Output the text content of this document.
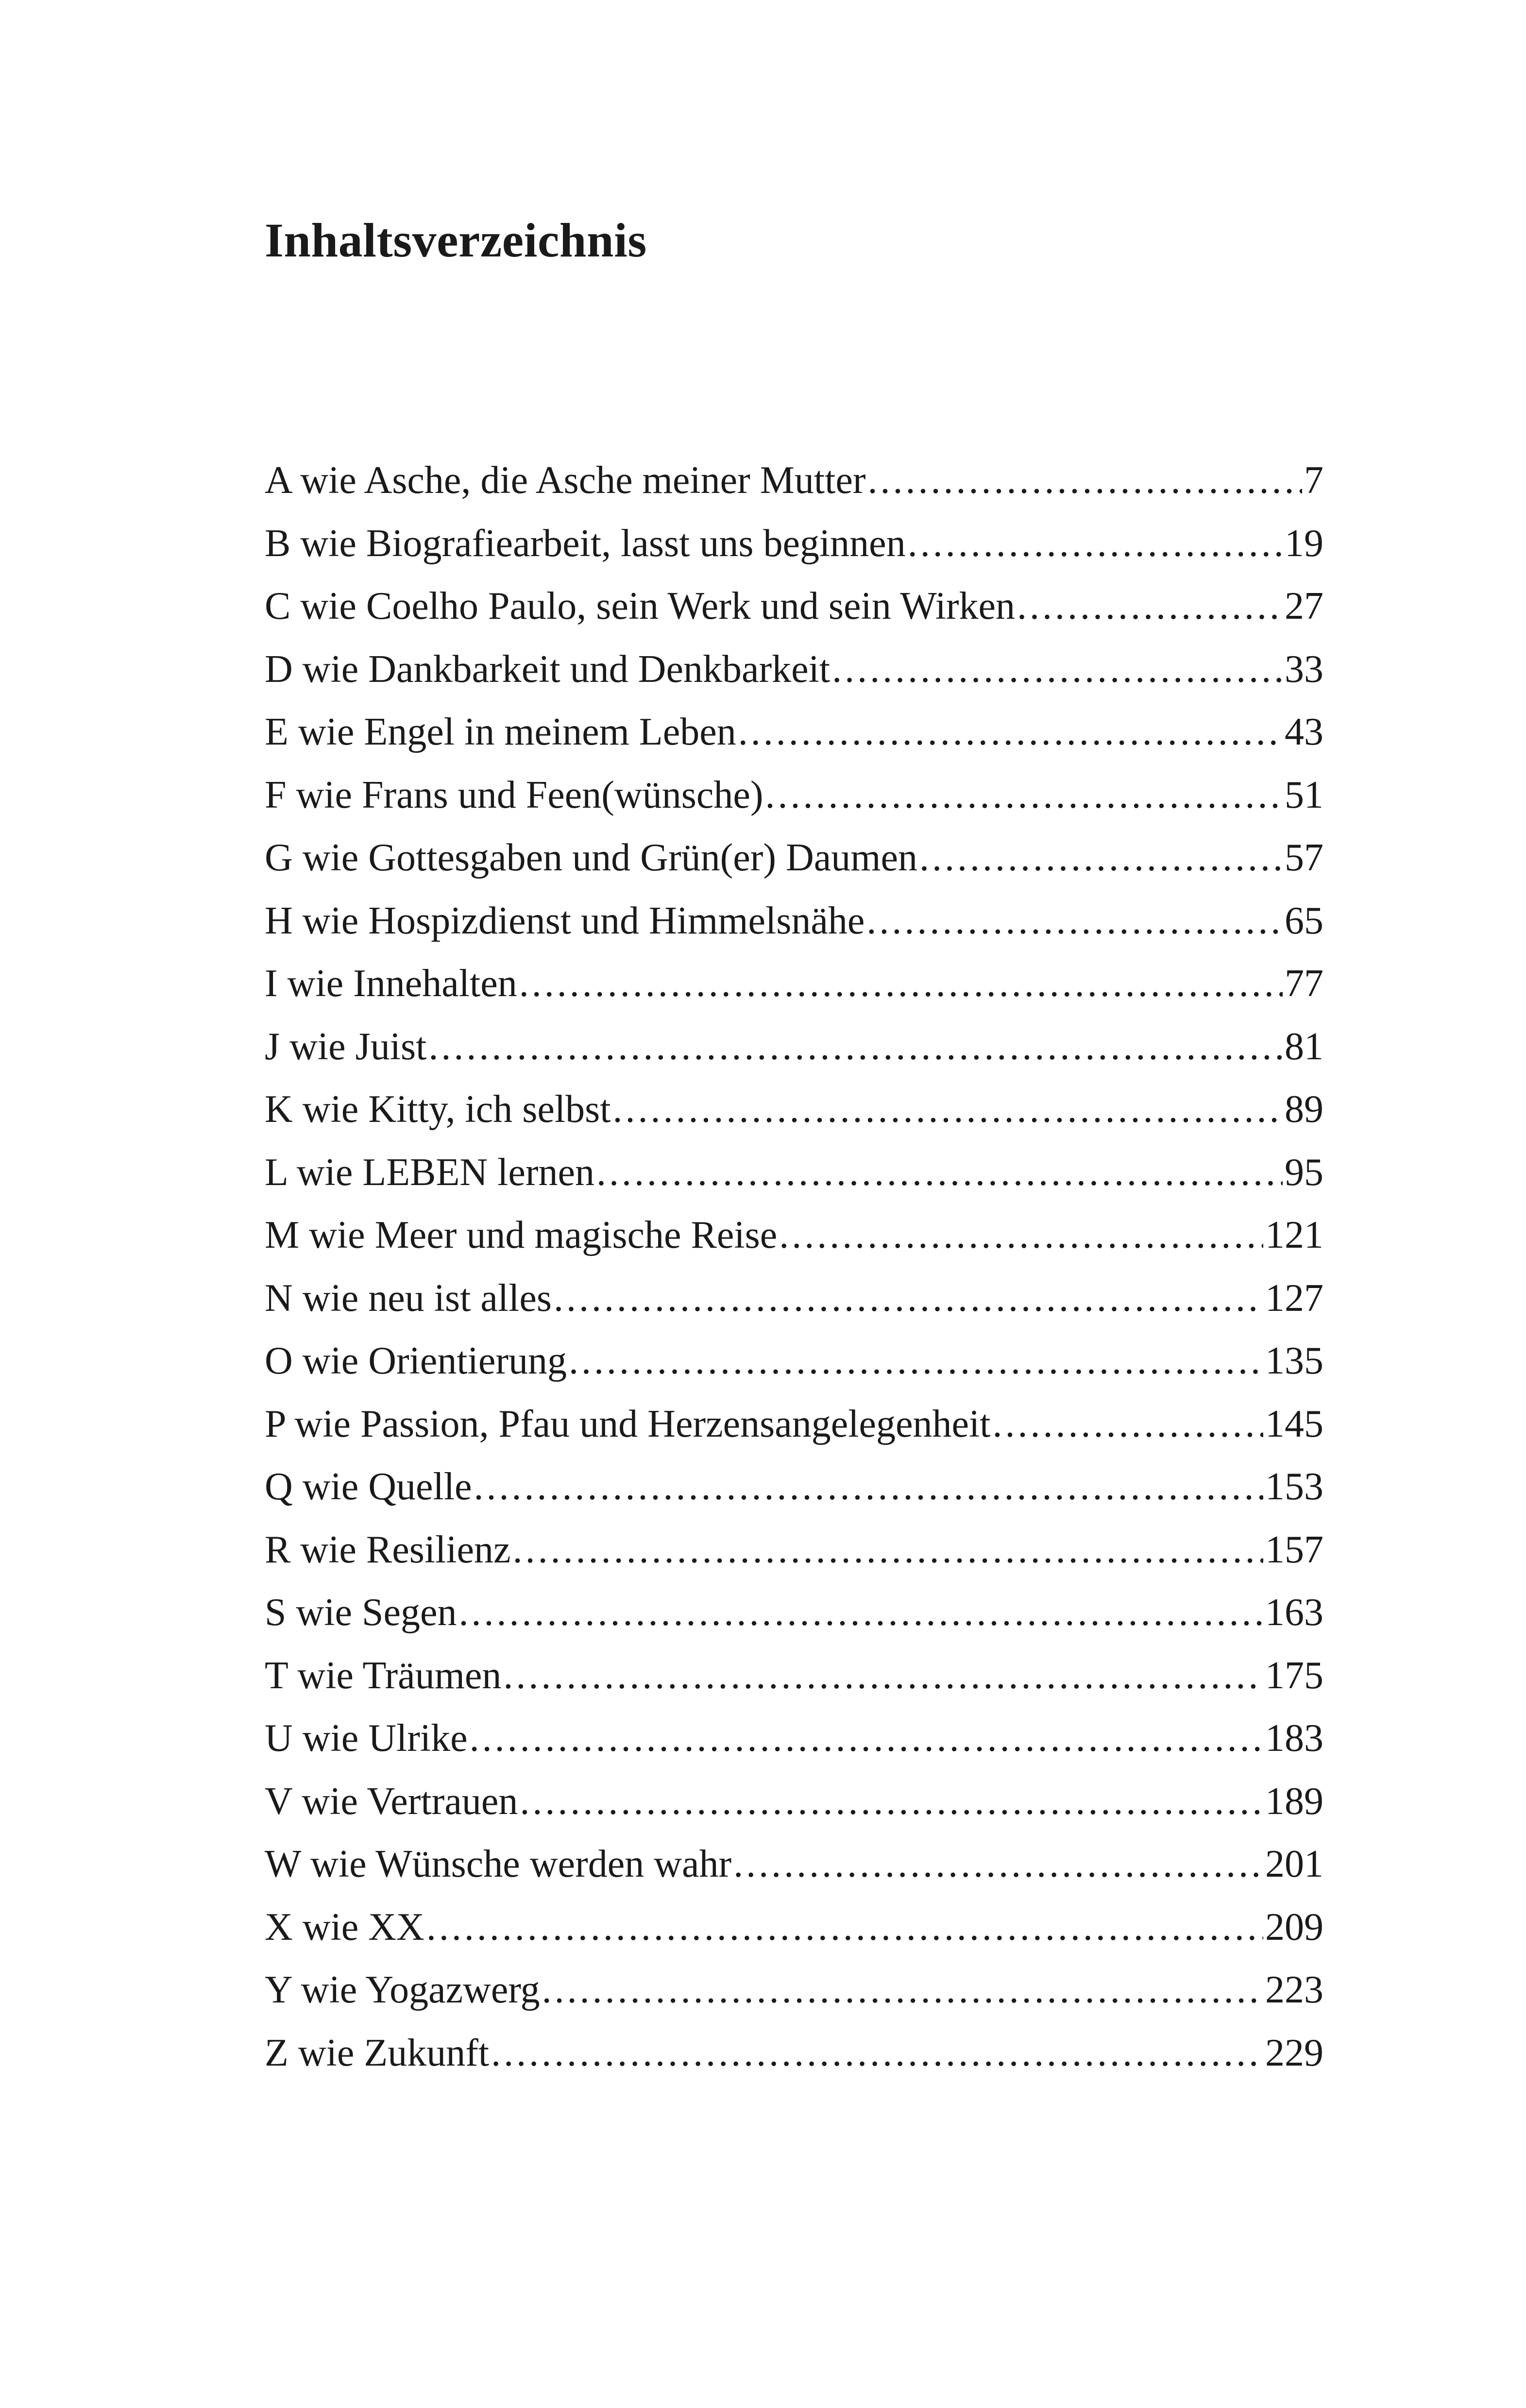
Inhaltsverzeichnis
A wie Asche, die Asche meiner Mutter .....	7
B wie Biografiearbeit, lasst uns beginnen .....	19
C wie Coelho Paulo, sein Werk und sein Wirken .....	27
D wie Dankbarkeit und Denkbarkeit .....	33
E wie Engel in meinem Leben .....	43
F wie Frans und Feen(wünsche) .....	51
G wie Gottesgaben und Grün(er) Daumen .....	57
H wie Hospizdienst und Himmelsnähe .....	65
I wie Innehalten .....	77
J wie Juist .....	81
K wie Kitty, ich selbst .....	89
L wie LEBEN lernen .....	95
M wie Meer und magische Reise .....	121
N wie neu ist alles .....	127
O wie Orientierung .....	135
P wie Passion, Pfau und Herzensangelegenheit .....	145
Q wie Quelle .....	153
R wie Resilienz .....	157
S wie Segen .....	163
T wie Träumen .....	175
U wie Ulrike .....	183
V wie Vertrauen .....	189
W wie Wünsche werden wahr .....	201
X wie XX .....	209
Y wie Yogazwerg .....	223
Z wie Zukunft .....	229
